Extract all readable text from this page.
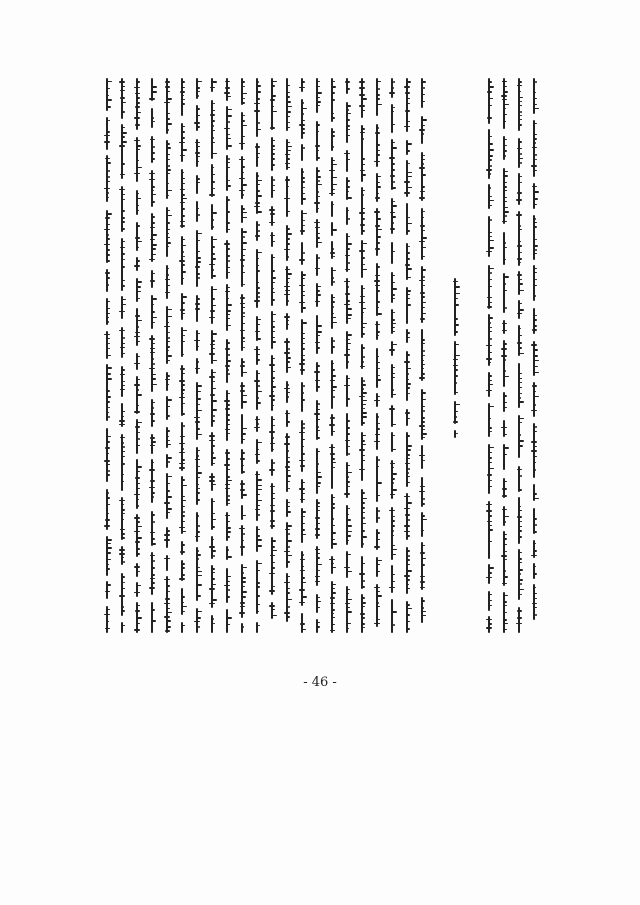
- 46 -
